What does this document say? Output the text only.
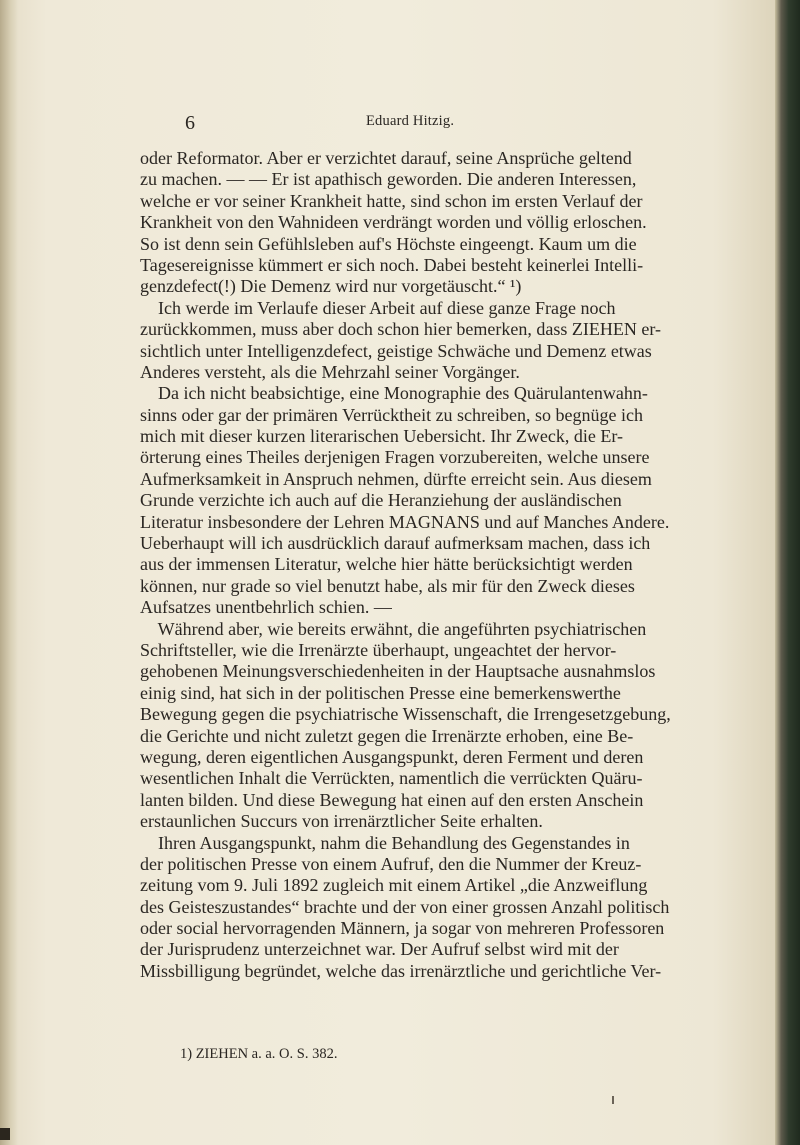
6	Eduard Hitzig.
oder Reformator. Aber er verzichtet darauf, seine Ansprüche geltend
zu machen. — — Er ist apathisch geworden. Die anderen Interessen,
welche er vor seiner Krankheit hatte, sind schon im ersten Verlauf der
Krankheit von den Wahnideen verdrängt worden und völlig erloschen.
So ist denn sein Gefühlsleben auf's Höchste eingeengt. Kaum um die
Tagesereignisse kümmert er sich noch. Dabei besteht keinerlei Intelli-
genzdefect(!) Die Demenz wird nur vorgetäuscht.“ ¹)
Ich werde im Verlaufe dieser Arbeit auf diese ganze Frage noch
zurückkommen, muss aber doch schon hier bemerken, dass ZIEHEN er-
sichtlich unter Intelligenzdefect, geistige Schwäche und Demenz etwas
Anderes versteht, als die Mehrzahl seiner Vorgänger.
Da ich nicht beabsichtige, eine Monographie des Quärulantenwahn-
sinns oder gar der primären Verrücktheit zu schreiben, so begnüge ich
mich mit dieser kurzen literarischen Uebersicht. Ihr Zweck, die Er-
örterung eines Theiles derjenigen Fragen vorzubereiten, welche unsere
Aufmerksamkeit in Anspruch nehmen, dürfte erreicht sein. Aus diesem
Grunde verzichte ich auch auf die Heranziehung der ausländischen
Literatur insbesondere der Lehren MAGNANS und auf Manches Andere.
Ueberhaupt will ich ausdrücklich darauf aufmerksam machen, dass ich
aus der immensen Literatur, welche hier hätte berücksichtigt werden
können, nur grade so viel benutzt habe, als mir für den Zweck dieses
Aufsatzes unentbehrlich schien. —
Während aber, wie bereits erwähnt, die angeführten psychiatrischen
Schriftsteller, wie die Irrenärzte überhaupt, ungeachtet der hervor-
gehobenen Meinungsverschiedenheiten in der Hauptsache ausnahmslos
einig sind, hat sich in der politischen Presse eine bemerkenswerthe
Bewegung gegen die psychiatrische Wissenschaft, die Irrengesetzgebung,
die Gerichte und nicht zuletzt gegen die Irrenärzte erhoben, eine Be-
wegung, deren eigentlichen Ausgangspunkt, deren Ferment und deren
wesentlichen Inhalt die Verrückten, namentlich die verrückten Quäru-
lanten bilden. Und diese Bewegung hat einen auf den ersten Anschein
erstaunlichen Succurs von irrenärztlicher Seite erhalten.
Ihren Ausgangspunkt, nahm die Behandlung des Gegenstandes in
der politischen Presse von einem Aufruf, den die Nummer der Kreuz-
zeitung vom 9. Juli 1892 zugleich mit einem Artikel „die Anzweiflung
des Geisteszustandes“ brachte und der von einer grossen Anzahl politisch
oder social hervorragenden Männern, ja sogar von mehreren Professoren
der Jurisprudenz unterzeichnet war. Der Aufruf selbst wird mit der
Missbilligung begründet, welche das irrenärztliche und gerichtliche Ver-
1) ZIEHEN a. a. O. S. 382.
